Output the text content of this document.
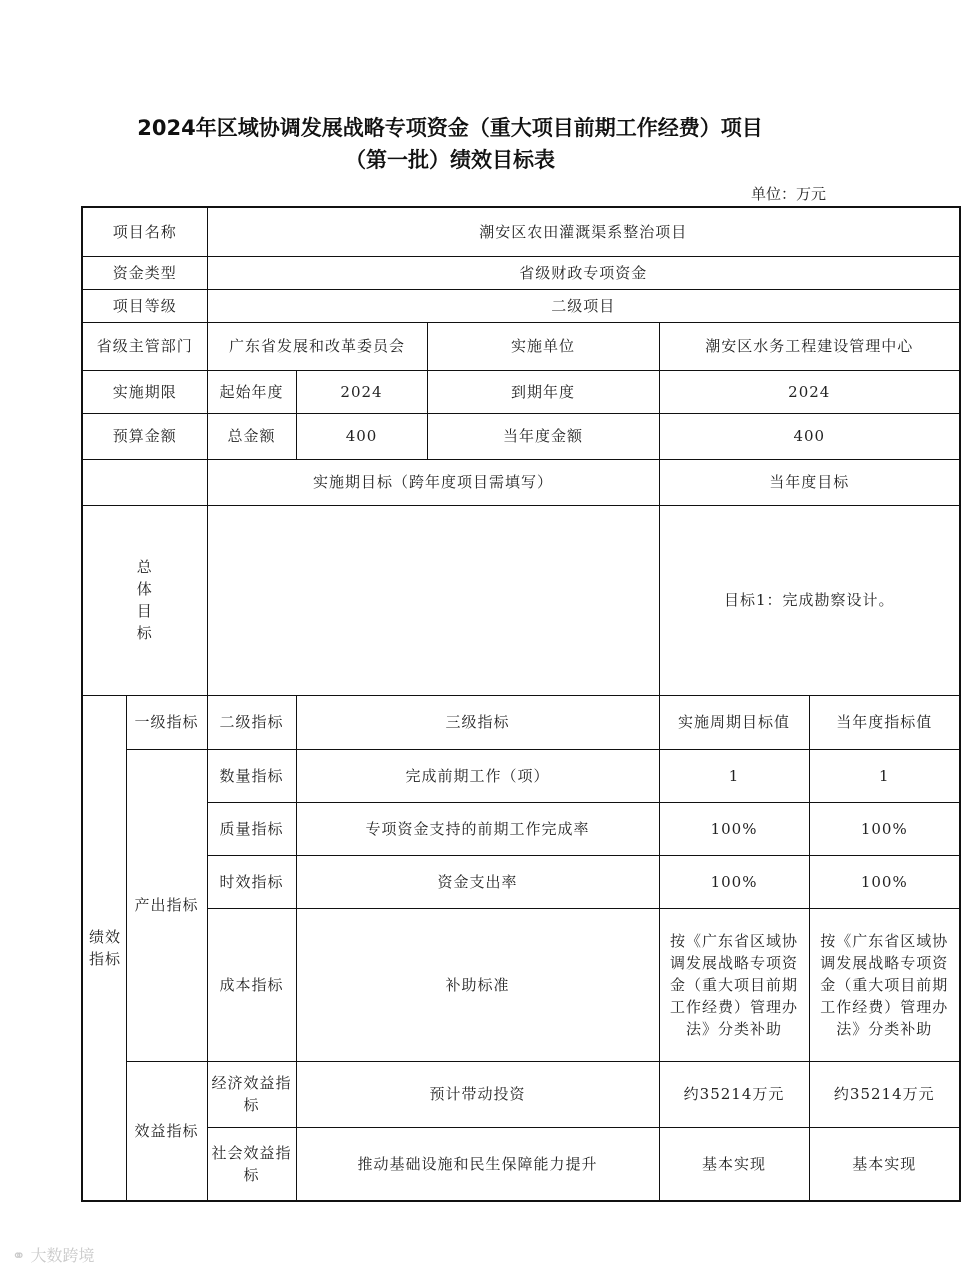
2024年区域协调发展战略专项资金（重大项目前期工作经费）项目
（第一批）绩效目标表
单位：万元
项目名称		潮安区农田灌溉渠系整治项目				
资金类型		省级财政专项资金				
项目等级		二级项目				
省级主管部门		广东省发展和改革委员会		实施单位	潮安区水务工程建设管理中心	
实施期限		起始年度	2024	到期年度	2024	
预算金额		总金额	400	当年度金额	400	
		实施期目标（跨年度项目需填写）			当年度目标	
总体目标					目标1：完成勘察设计。	
绩效指标	一级指标	二级指标	三级指标		实施周期目标值	当年度指标值
	产出指标	数量指标	完成前期工作（项）		1	1
		质量指标	专项资金支持的前期工作完成率		100%	100%
		时效指标	资金支出率		100%	100%
		成本指标	补助标准		按《广东省区域协调发展战略专项资金（重大项目前期工作经费）管理办法》分类补助	按《广东省区域协调发展战略专项资金（重大项目前期工作经费）管理办法》分类补助
	效益指标	经济效益指标	预计带动投资		约35214万元	约35214万元
		社会效益指标	推动基础设施和民生保障能力提升		基本实现	基本实现
⚭ 大数跨境
